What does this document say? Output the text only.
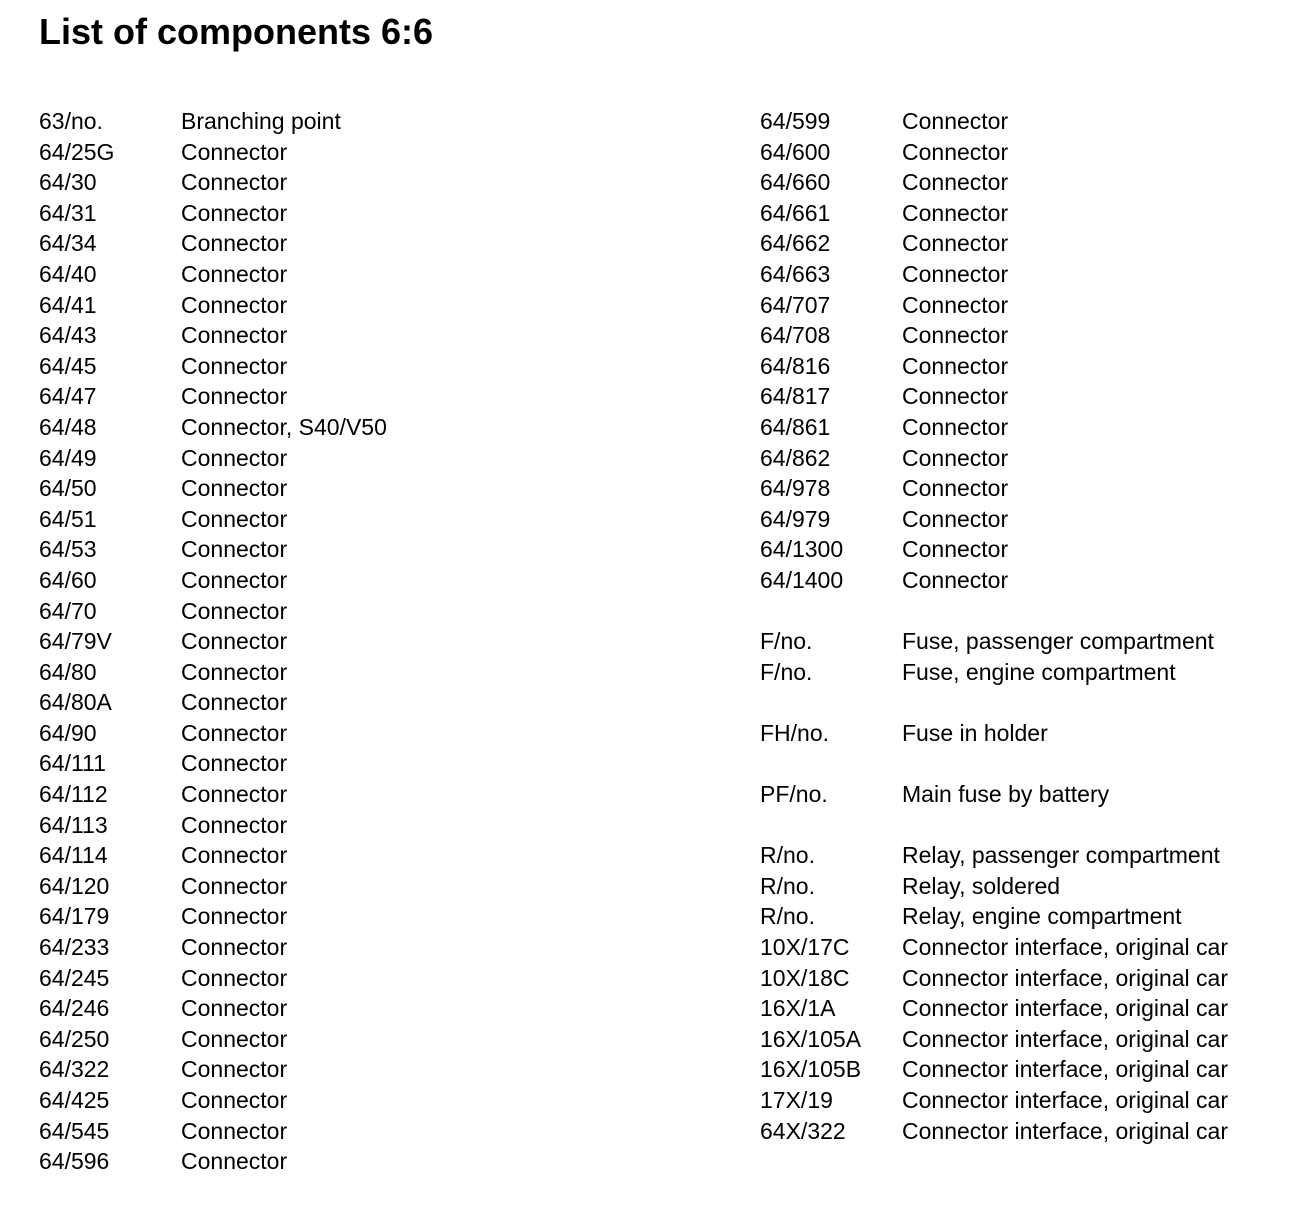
List of components 6:6
63/no.	Branching point
64/25G	Connector
64/30	Connector
64/31	Connector
64/34	Connector
64/40	Connector
64/41	Connector
64/43	Connector
64/45	Connector
64/47	Connector
64/48	Connector, S40/V50
64/49	Connector
64/50	Connector
64/51	Connector
64/53	Connector
64/60	Connector
64/70	Connector
64/79V	Connector
64/80	Connector
64/80A	Connector
64/90	Connector
64/111	Connector
64/112	Connector
64/113	Connector
64/114	Connector
64/120	Connector
64/179	Connector
64/233	Connector
64/245	Connector
64/246	Connector
64/250	Connector
64/322	Connector
64/425	Connector
64/545	Connector
64/596	Connector
64/599	Connector
64/600	Connector
64/660	Connector
64/661	Connector
64/662	Connector
64/663	Connector
64/707	Connector
64/708	Connector
64/816	Connector
64/817	Connector
64/861	Connector
64/862	Connector
64/978	Connector
64/979	Connector
64/1300	Connector
64/1400	Connector
F/no.	Fuse, passenger compartment
F/no.	Fuse, engine compartment
FH/no.	Fuse in holder
PF/no.	Main fuse by battery
R/no.	Relay, passenger compartment
R/no.	Relay, soldered
R/no.	Relay, engine compartment
10X/17C Connector interface, original car
10X/18C Connector interface, original car
16X/1A	Connector interface, original car
16X/105A Connector interface, original car
16X/105B Connector interface, original car
17X/19	Connector interface, original car
64X/322 Connector interface, original car
